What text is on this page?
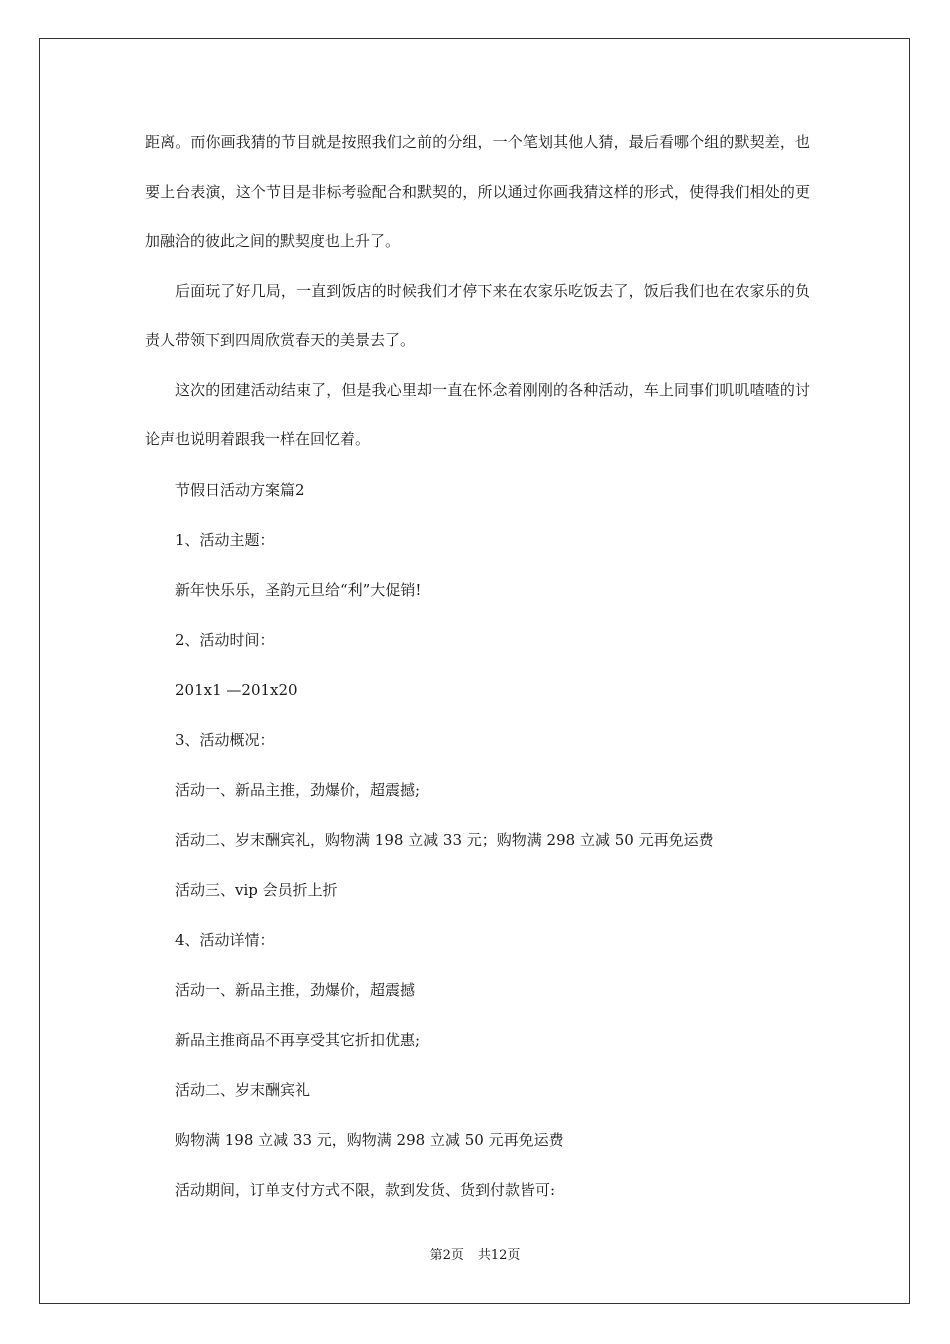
距离。而你画我猜的节目就是按照我们之前的分组，一个笔划其他人猜，最后看哪个组的默契差，也要上台表演，这个节目是非标考验配合和默契的，所以通过你画我猜这样的形式，使得我们相处的更加融洽的彼此之间的默契度也上升了。

后面玩了好几局，一直到饭店的时候我们才停下来在农家乐吃饭去了，饭后我们也在农家乐的负责人带领下到四周欣赏春天的美景去了。

这次的团建活动结束了，但是我心里却一直在怀念着刚刚的各种活动，车上同事们叽叽喳喳的讨论声也说明着跟我一样在回忆着。

节假日活动方案篇2

1、活动主题：

新年快乐乐，圣韵元旦给“利”大促销!

2、活动时间：

201x1 —201x20

3、活动概况：

活动一、新品主推，劲爆价，超震撼;

活动二、岁末酬宾礼，购物满 198 立减 33 元；购物满 298 立减 50 元再免运费

活动三、vip 会员折上折

4、活动详情：

活动一、新品主推，劲爆价，超震撼

新品主推商品不再享受其它折扣优惠;

活动二、岁末酬宾礼

购物满 198 立减 33 元，购物满 298 立减 50 元再免运费

活动期间，订单支付方式不限，款到发货、货到付款皆可:

第2页 共12页
